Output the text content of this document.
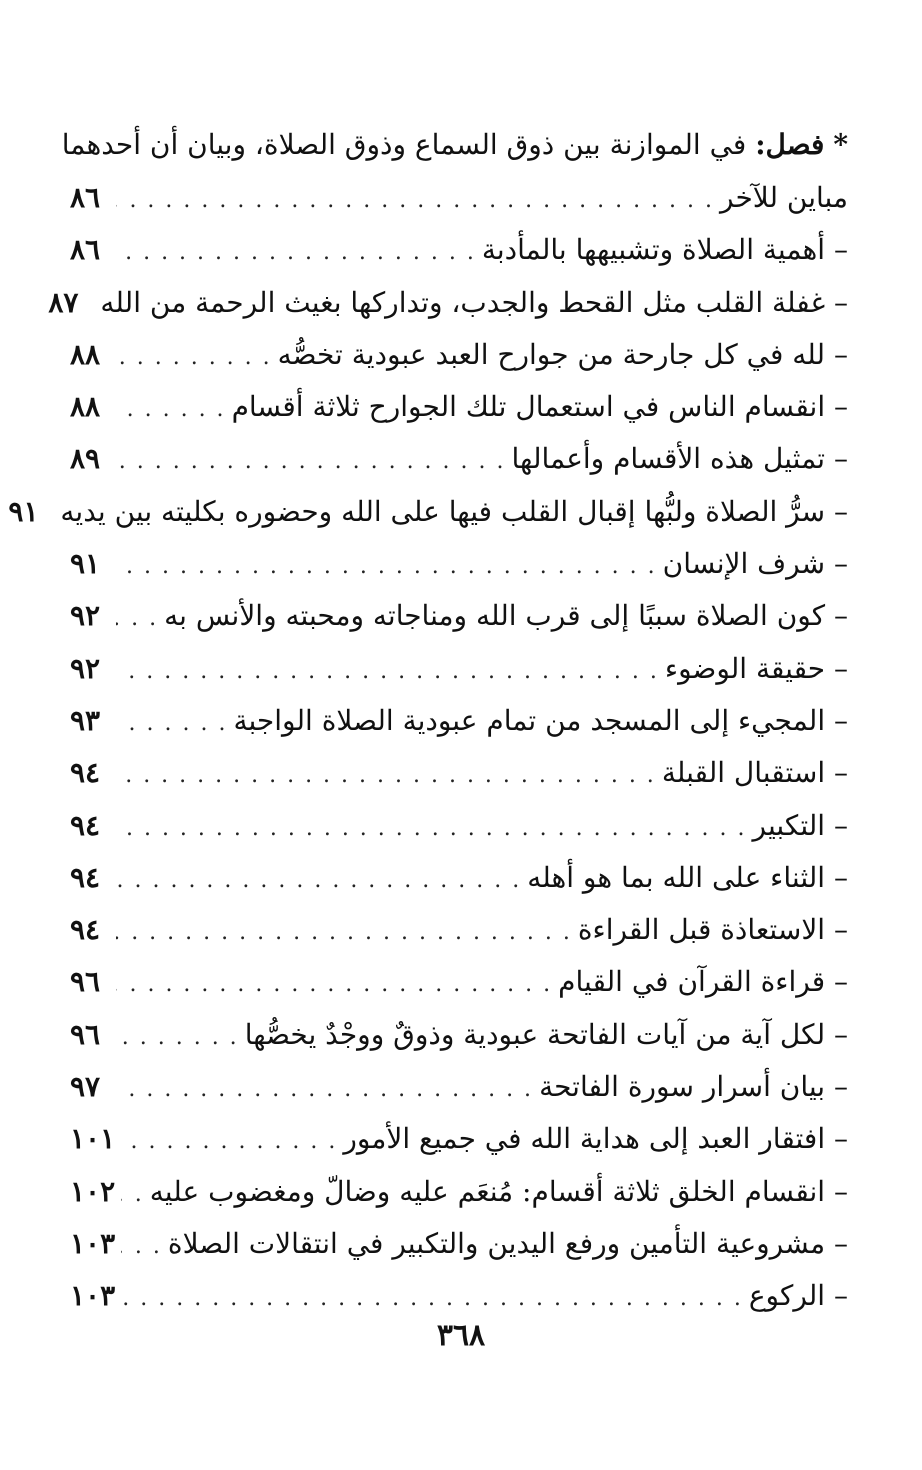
* فصل: في الموازنة بين ذوق السماع وذوق الصلاة، وبيان أن أحدهما
مباين للآخر
. . .
٨٦
– أهمية الصلاة وتشبيهها بالمأدبة
. . .
٨٦
– غفلة القلب مثل القحط والجدب، وتداركها بغيث الرحمة من الله
٨٧
– لله في كل جارحة من جوارح العبد عبودية تخصُّه
. . .
٨٨
– انقسام الناس في استعمال تلك الجوارح ثلاثة أقسام
. . .
٨٨
– تمثيل هذه الأقسام وأعمالها
. . .
٨٩
– سرُّ الصلاة ولبُّها إقبال القلب فيها على الله وحضوره بكليته بين يديه
٩١
– شرف الإنسان
. . .
٩١
– كون الصلاة سببًا إلى قرب الله ومناجاته ومحبته والأنس به
. . .
٩٢
– حقيقة الوضوء
. . .
٩٢
– المجيء إلى المسجد من تمام عبودية الصلاة الواجبة
. . .
٩٣
– استقبال القبلة
. . .
٩٤
– التكبير
. . .
٩٤
– الثناء على الله بما هو أهله
. . .
٩٤
– الاستعاذة قبل القراءة
. . .
٩٤
– قراءة القرآن في القيام
. . .
٩٦
– لكل آية من آيات الفاتحة عبودية وذوقٌ ووجْدٌ يخصُّها
. . .
٩٦
– بيان أسرار سورة الفاتحة
. . .
٩٧
– افتقار العبد إلى هداية الله في جميع الأمور
. . .
١٠١
– انقسام الخلق ثلاثة أقسام: مُنعَم عليه وضالّ ومغضوب عليه
. . .
١٠٢
– مشروعية التأمين ورفع اليدين والتكبير في انتقالات الصلاة
. . .
١٠٣
– الركوع
. . .
١٠٣
٣٦٨
